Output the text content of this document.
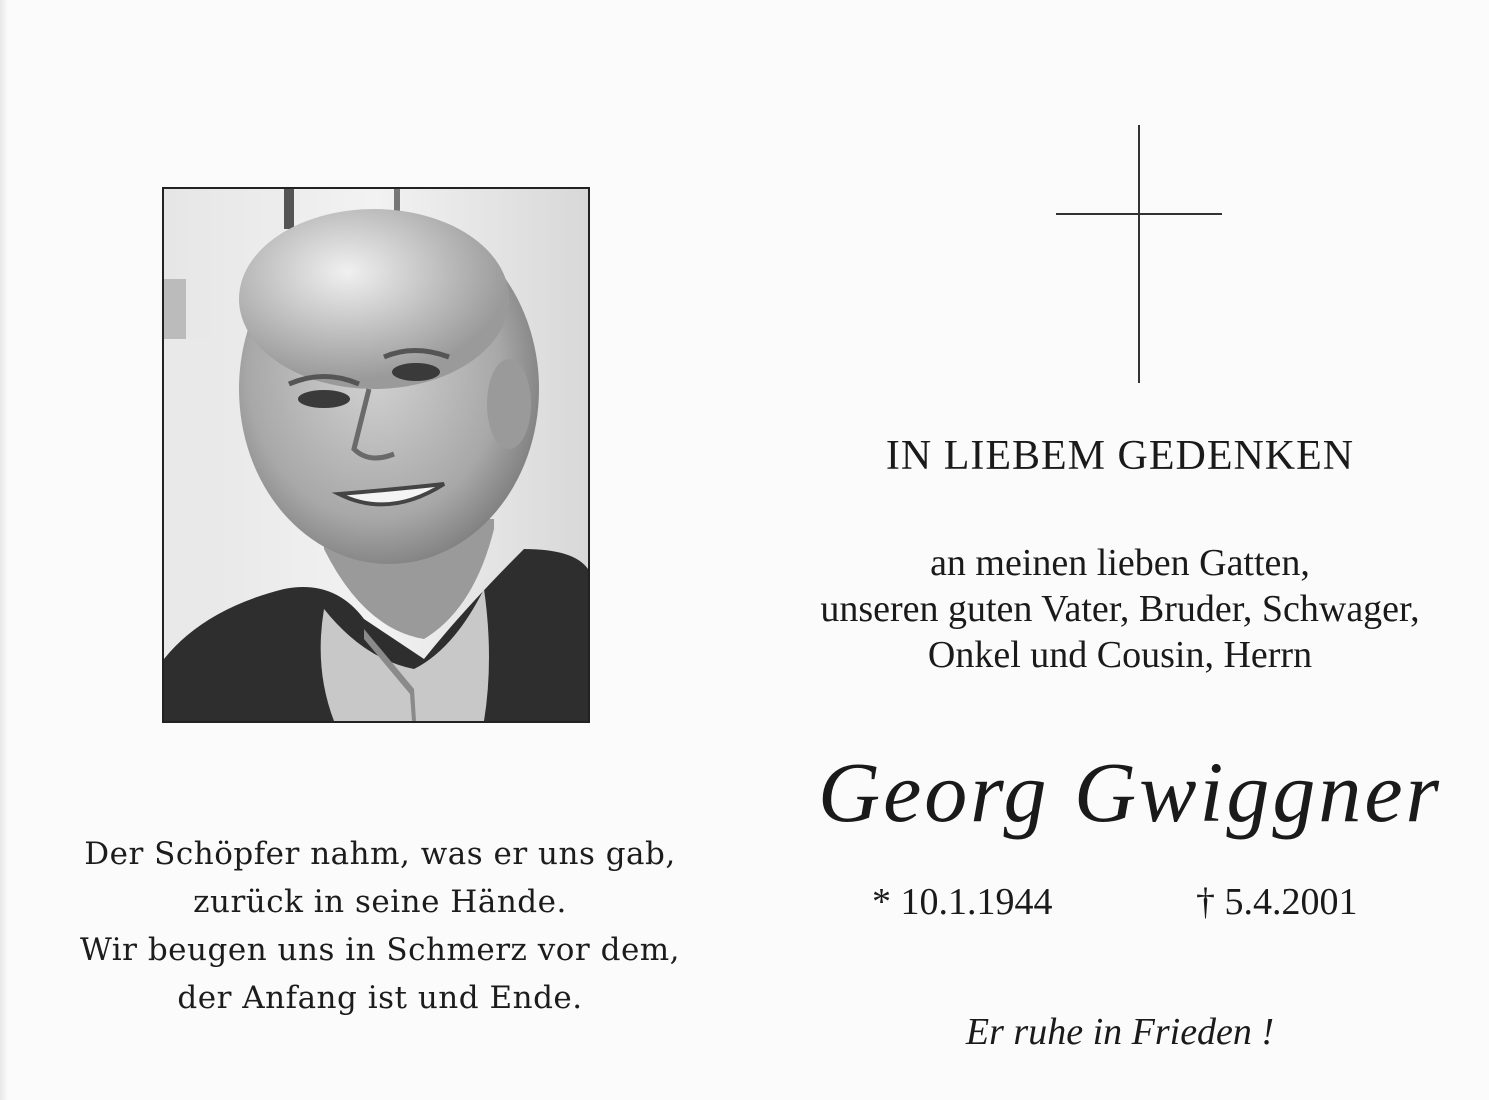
Der Schöpfer nahm, was er uns gab,
zurück in seine Hände.
Wir beugen uns in Schmerz vor dem,
der Anfang ist und Ende.
IN LIEBEM GEDENKEN
an meinen lieben Gatten,
unseren guten Vater, Bruder, Schwager,
Onkel und Cousin, Herrn
Georg Gwiggner
* 10.1.1944	† 5.4.2001
Er ruhe in Frieden !
